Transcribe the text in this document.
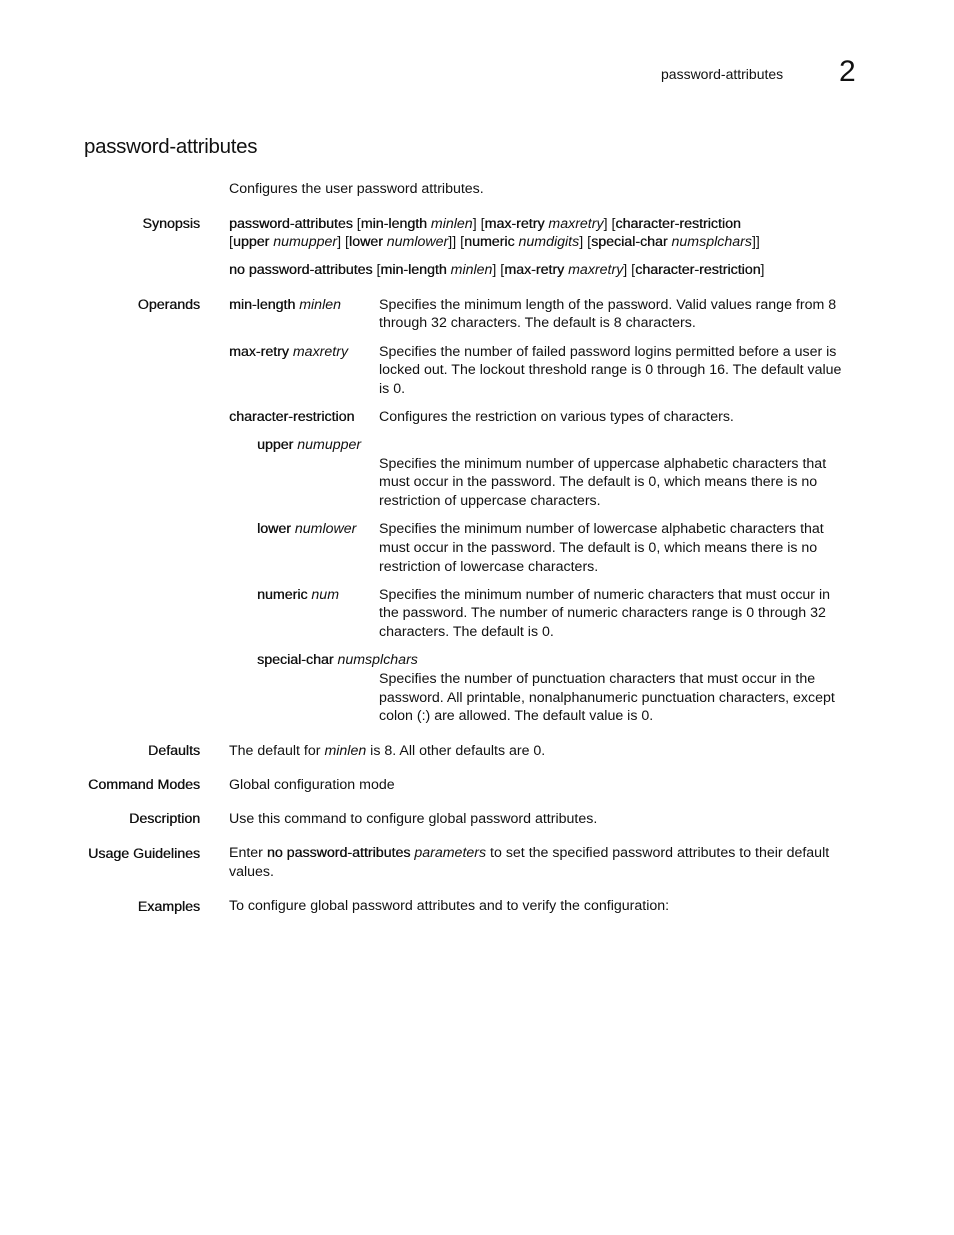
password-attributes 2
password-attributes
Configures the user password attributes.
Synopsis password-attributes [min-length minlen] [max-retry maxretry] [character-restriction
[upper numupper] [lower numlower]] [numeric numdigits] [special-char numsplchars]]
no password-attributes [min-length minlen] [max-retry maxretry] [character-restriction]
Operands min-length minlen	Specifies the minimum length of the password. Valid values range from 8
through 32 characters. The default is 8 characters.
max-retry maxretry Specifies the number of failed password logins permitted before a user is
locked out. The lockout threshold range is 0 through 16. The default value
is 0.
character-restriction Configures the restriction on various types of characters.
upper numupper
Specifies the minimum number of uppercase alphabetic characters that
must occur in the password. The default is 0, which means there is no
restriction of uppercase characters.
lower numlower Specifies the minimum number of lowercase alphabetic characters that
must occur in the password. The default is 0, which means there is no
restriction of lowercase characters.
numeric num	Specifies the minimum number of numeric characters that must occur in
the password. The number of numeric characters range is 0 through 32
characters. The default is 0.
special-char numsplchars
Specifies the number of punctuation characters that must occur in the
password. All printable, nonalphanumeric punctuation characters, except
colon (:) are allowed. The default value is 0.
Defaults The default for minlen is 8. All other defaults are 0.
Command Modes Global configuration mode
Description Use this command to configure global password attributes.
Usage Guidelines Enter no password-attributes parameters to set the specified password attributes to their default
values.
Examples To configure global password attributes and to verify the configuration:
